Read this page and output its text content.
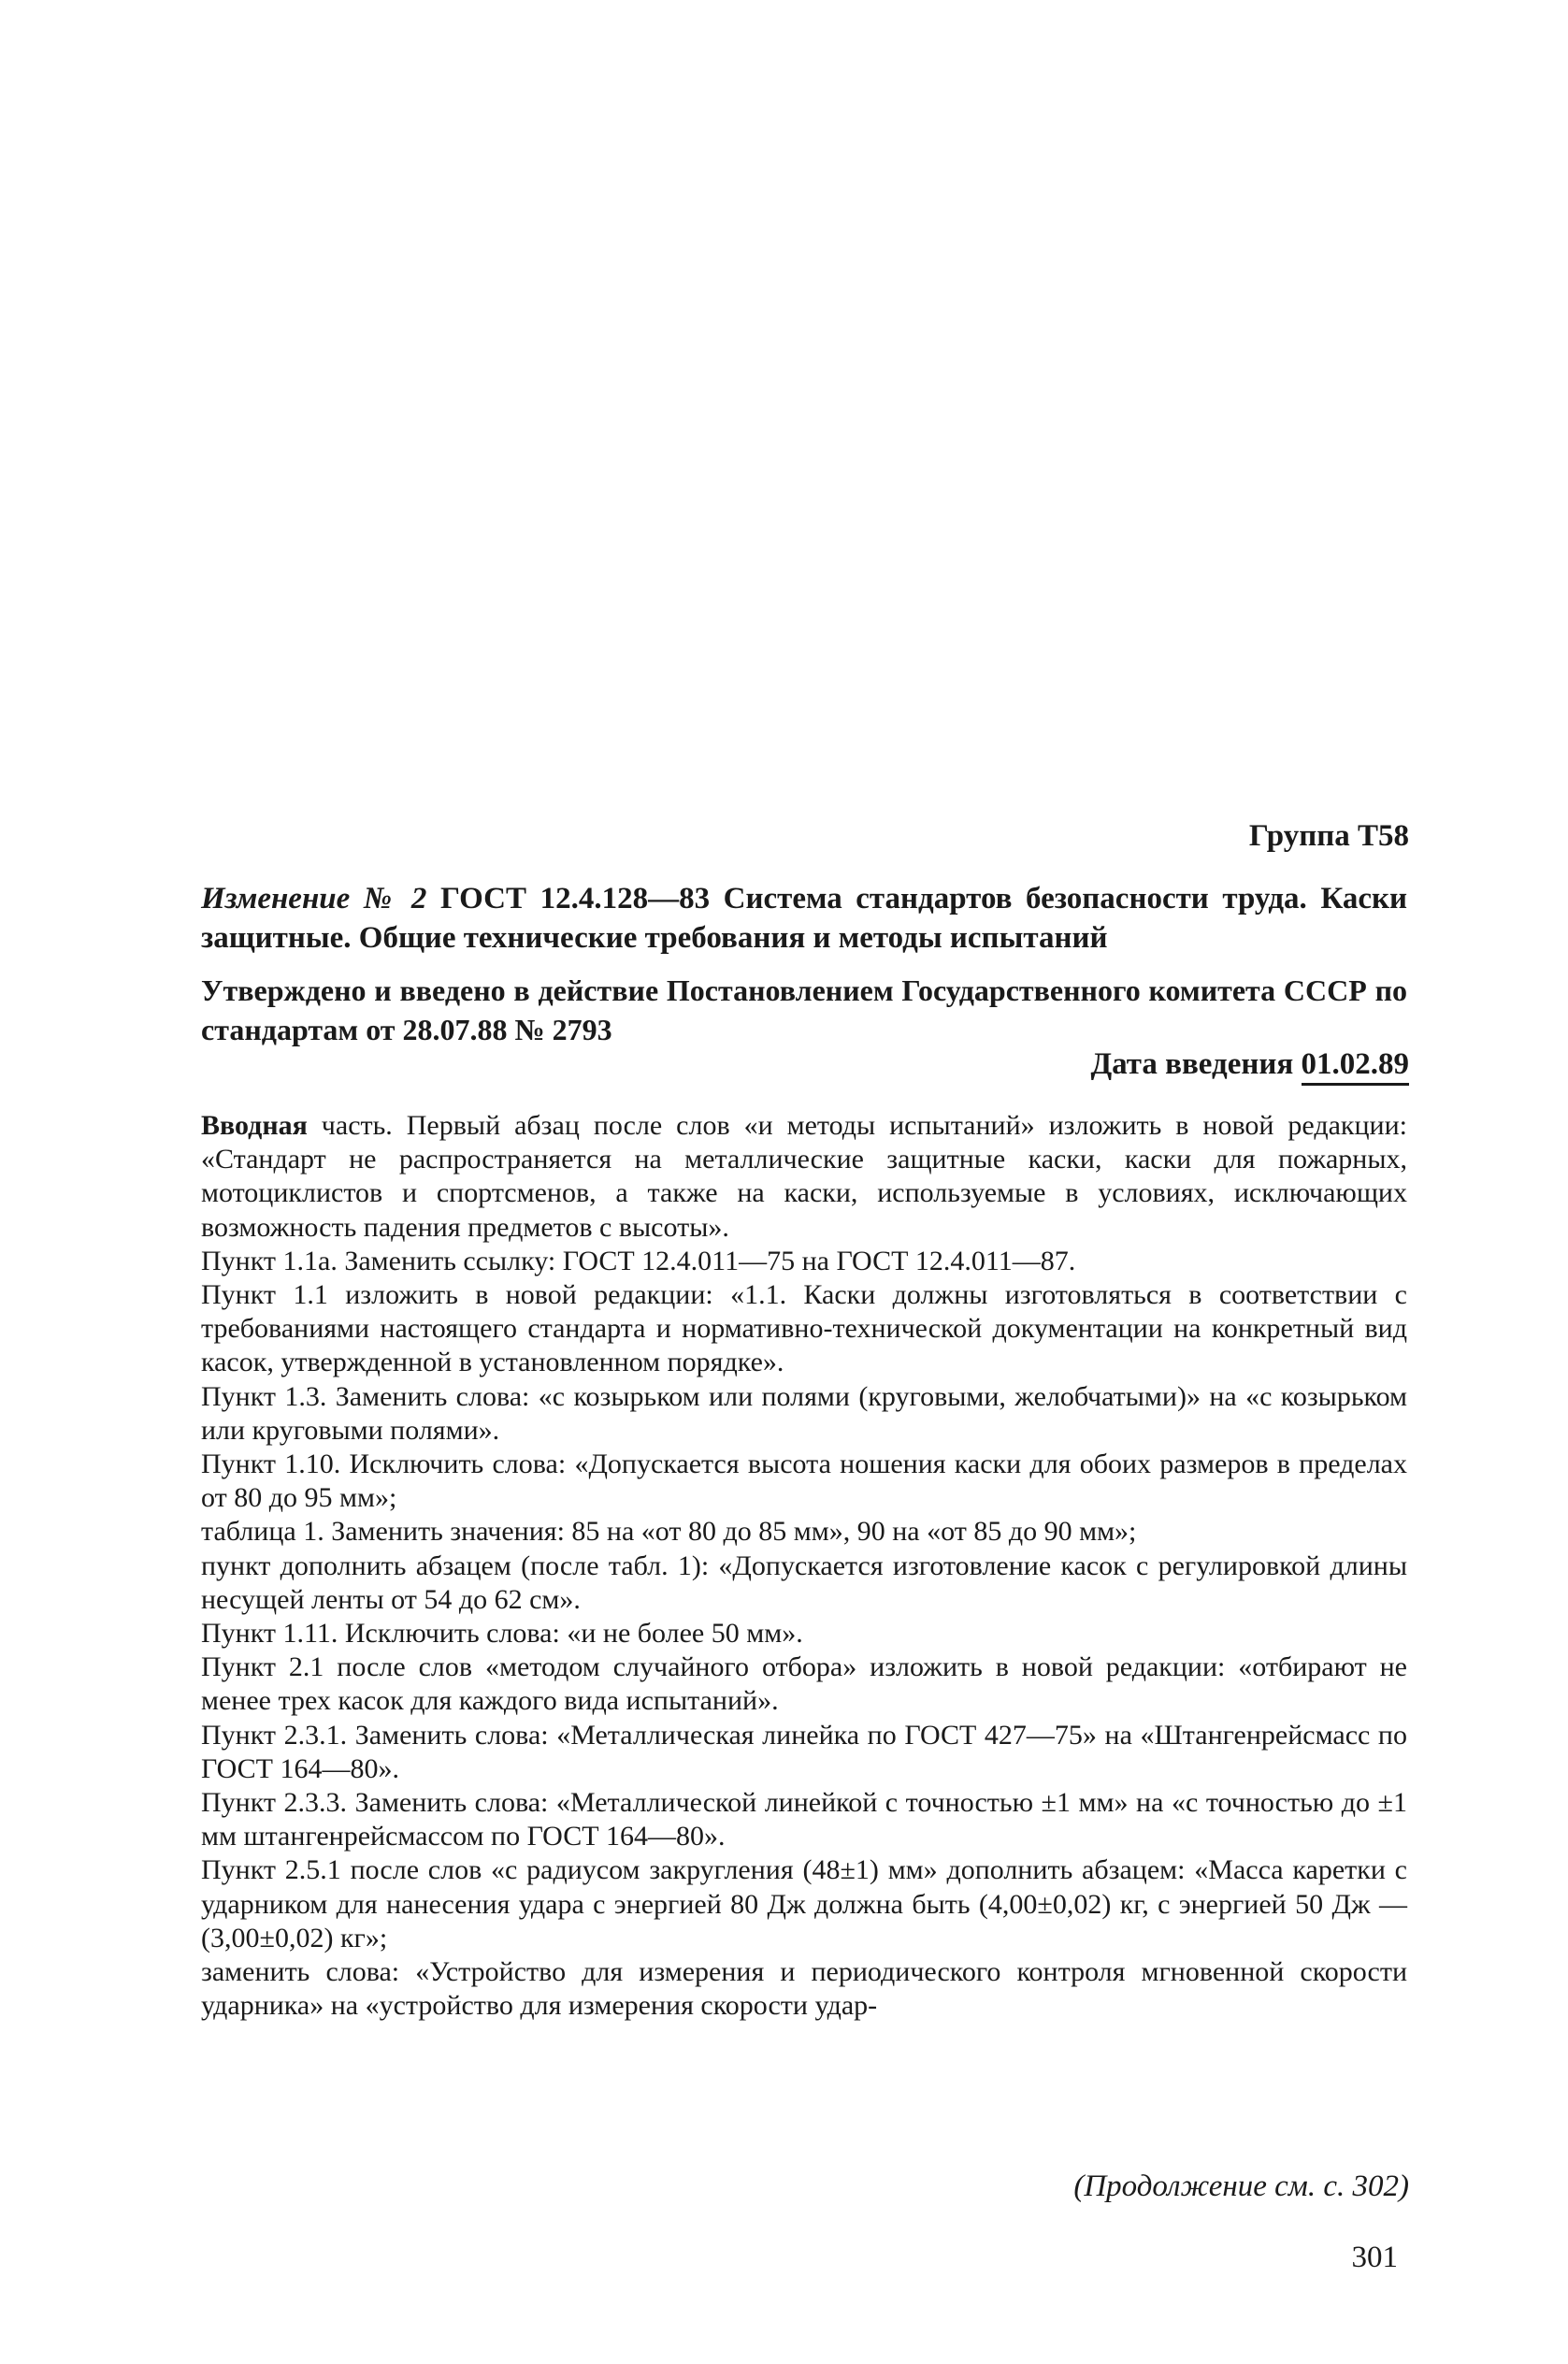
Группа Т58
Изменение № 2 ГОСТ 12.4.128—83 Система стандартов безопасности труда. Каски защитные. Общие технические требования и методы испытаний
Утверждено и введено в действие Постановлением Государственного комитета СССР по стандартам от 28.07.88 № 2793
Дата введения 01.02.89

Вводная часть. Первый абзац после слов «и методы испытаний» изложить в новой редакции: «Стандарт не распространяется на металлические защитные каски, каски для пожарных, мотоциклистов и спортсменов, а также на каски, используемые в условиях, исключающих возможность падения предметов с высоты».

Пункт 1.1а. Заменить ссылку: ГОСТ 12.4.011—75 на ГОСТ 12.4.011—87.

Пункт 1.1 изложить в новой редакции: «1.1. Каски должны изготовляться в соответствии с требованиями настоящего стандарта и нормативно-технической документации на конкретный вид касок, утвержденной в установленном порядке».

Пункт 1.3. Заменить слова: «с козырьком или полями (круговыми, желобчатыми)» на «с козырьком или круговыми полями».

Пункт 1.10. Исключить слова: «Допускается высота ношения каски для обоих размеров в пределах от 80 до 95 мм»;

таблица 1. Заменить значения: 85 на «от 80 до 85 мм», 90 на «от 85 до 90 мм»;

пункт дополнить абзацем (после табл. 1): «Допускается изготовление касок с регулировкой длины несущей ленты от 54 до 62 см».

Пункт 1.11. Исключить слова: «и не более 50 мм».

Пункт 2.1 после слов «методом случайного отбора» изложить в новой редакции: «отбирают не менее трех касок для каждого вида испытаний».

Пункт 2.3.1. Заменить слова: «Металлическая линейка по ГОСТ 427—75» на «Штангенрейсмасс по ГОСТ 164—80».

Пункт 2.3.3. Заменить слова: «Металлической линейкой с точностью ±1 мм» на «с точностью до ±1 мм штангенрейсмассом по ГОСТ 164—80».

Пункт 2.5.1 после слов «с радиусом закругления (48±1) мм» дополнить абзацем: «Масса каретки с ударником для нанесения удара с энергией 80 Дж должна быть (4,00±0,02) кг, с энергией 50 Дж — (3,00±0,02) кг»;

заменить слова: «Устройство для измерения и периодического контроля мгновенной скорости ударника» на «устройство для измерения скорости удар-

(Продолжение см. с. 302)
301
